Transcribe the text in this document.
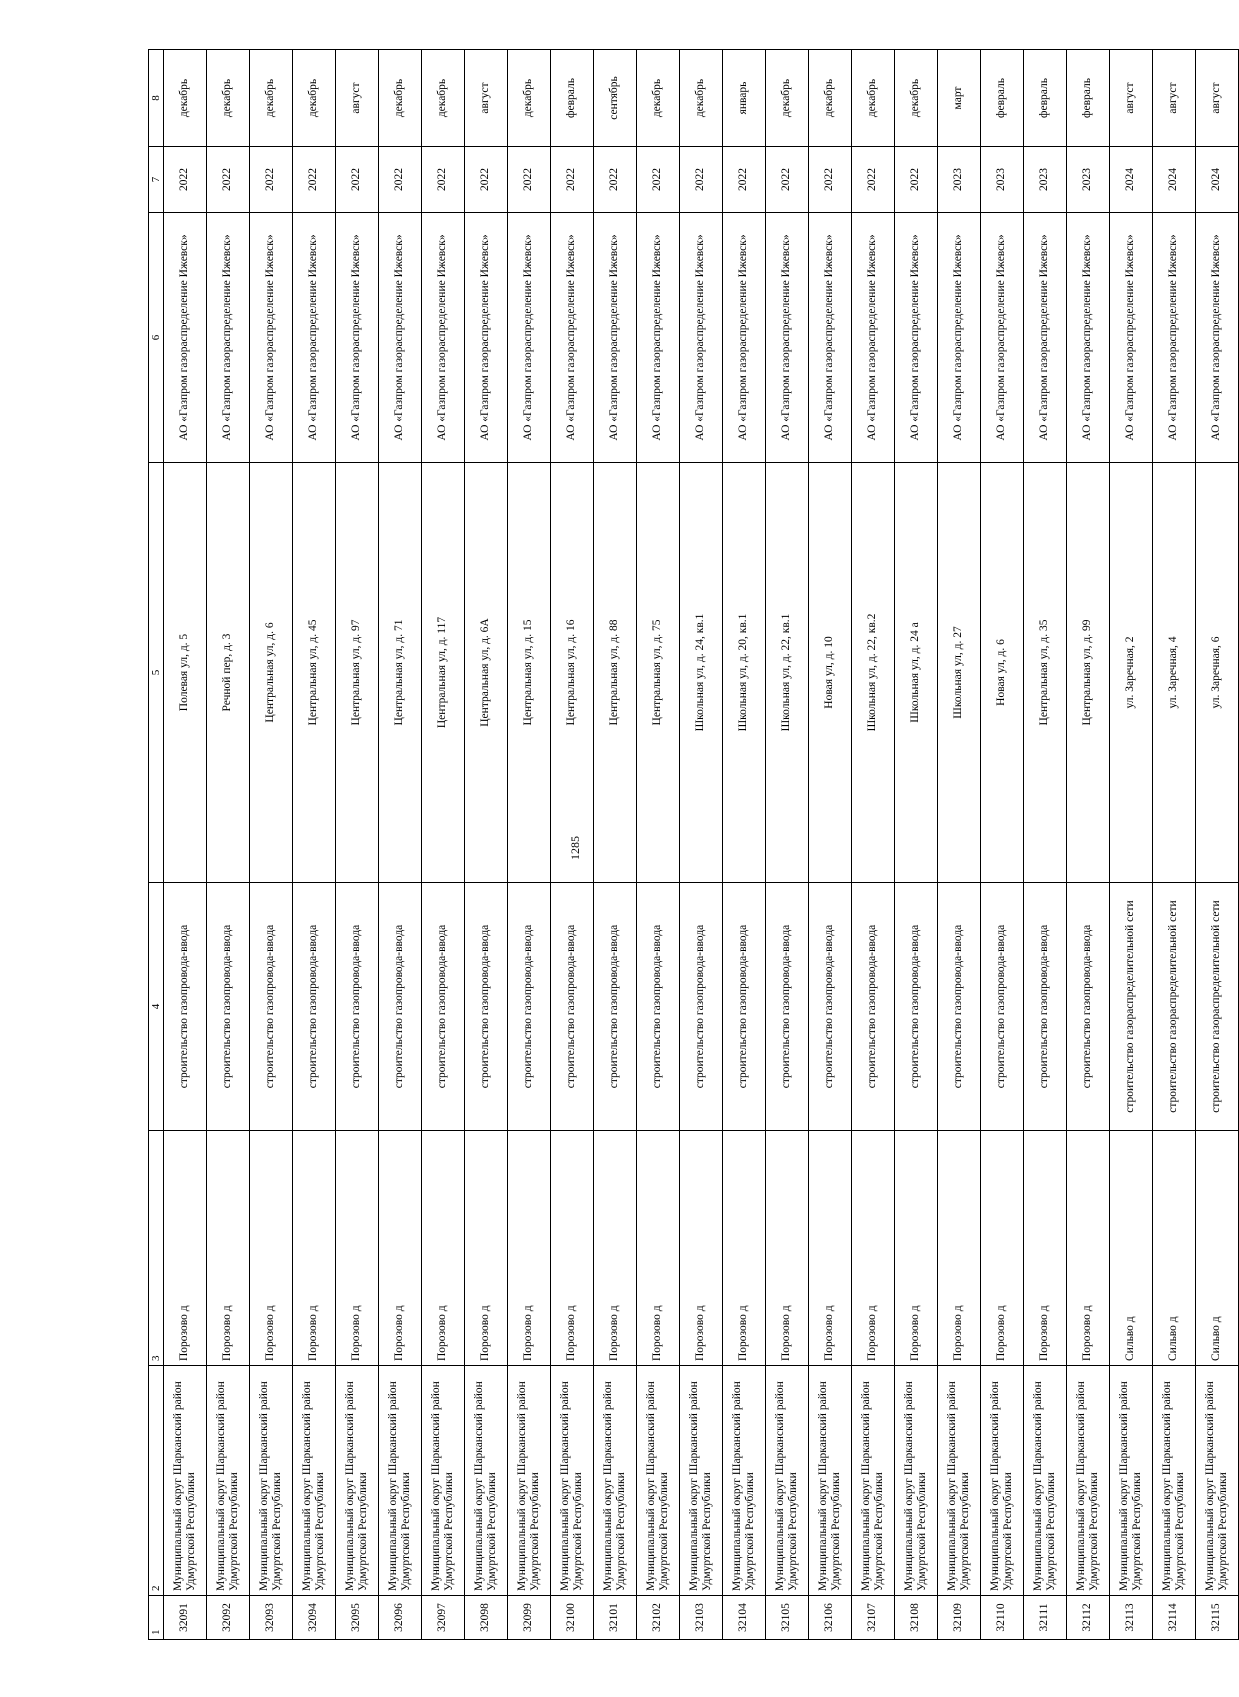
1285
1	2	3	4	5	6	7	8
32091	Муниципальный округ Шарканский район Удмуртской Республики	Порозово д	строительство газопровода-ввода	Полевая ул, д. 5	АО «Газпром газораспределение Ижевск»	2022	декабрь
32092	Муниципальный округ Шарканский район Удмуртской Республики	Порозово д	строительство газопровода-ввода	Речной пер, д. 3	АО «Газпром газораспределение Ижевск»	2022	декабрь
32093	Муниципальный округ Шарканский район Удмуртской Республики	Порозово д	строительство газопровода-ввода	Центральная ул, д. 6	АО «Газпром газораспределение Ижевск»	2022	декабрь
32094	Муниципальный округ Шарканский район Удмуртской Республики	Порозово д	строительство газопровода-ввода	Центральная ул, д. 45	АО «Газпром газораспределение Ижевск»	2022	декабрь
32095	Муниципальный округ Шарканский район Удмуртской Республики	Порозово д	строительство газопровода-ввода	Центральная ул, д. 97	АО «Газпром газораспределение Ижевск»	2022	август
32096	Муниципальный округ Шарканский район Удмуртской Республики	Порозово д	строительство газопровода-ввода	Центральная ул, д. 71	АО «Газпром газораспределение Ижевск»	2022	декабрь
32097	Муниципальный округ Шарканский район Удмуртской Республики	Порозово д	строительство газопровода-ввода	Центральная ул, д. 117	АО «Газпром газораспределение Ижевск»	2022	декабрь
32098	Муниципальный округ Шарканский район Удмуртской Республики	Порозово д	строительство газопровода-ввода	Центральная ул, д. 6А	АО «Газпром газораспределение Ижевск»	2022	август
32099	Муниципальный округ Шарканский район Удмуртской Республики	Порозово д	строительство газопровода-ввода	Центральная ул, д. 15	АО «Газпром газораспределение Ижевск»	2022	декабрь
32100	Муниципальный округ Шарканский район Удмуртской Республики	Порозово д	строительство газопровода-ввода	Центральная ул, д. 16	АО «Газпром газораспределение Ижевск»	2022	февраль
32101	Муниципальный округ Шарканский район Удмуртской Республики	Порозово д	строительство газопровода-ввода	Центральная ул, д. 88	АО «Газпром газораспределение Ижевск»	2022	сентябрь
32102	Муниципальный округ Шарканский район Удмуртской Республики	Порозово д	строительство газопровода-ввода	Центральная ул, д. 75	АО «Газпром газораспределение Ижевск»	2022	декабрь
32103	Муниципальный округ Шарканский район Удмуртской Республики	Порозово д	строительство газопровода-ввода	Школьная ул, д. 24, кв.1	АО «Газпром газораспределение Ижевск»	2022	декабрь
32104	Муниципальный округ Шарканский район Удмуртской Республики	Порозово д	строительство газопровода-ввода	Школьная ул, д. 20, кв.1	АО «Газпром газораспределение Ижевск»	2022	январь
32105	Муниципальный округ Шарканский район Удмуртской Республики	Порозово д	строительство газопровода-ввода	Школьная ул, д. 22, кв.1	АО «Газпром газораспределение Ижевск»	2022	декабрь
32106	Муниципальный округ Шарканский район Удмуртской Республики	Порозово д	строительство газопровода-ввода	Новая ул, д. 10	АО «Газпром газораспределение Ижевск»	2022	декабрь
32107	Муниципальный округ Шарканский район Удмуртской Республики	Порозово д	строительство газопровода-ввода	Школьная ул, д. 22, кв.2	АО «Газпром газораспределение Ижевск»	2022	декабрь
32108	Муниципальный округ Шарканский район Удмуртской Республики	Порозово д	строительство газопровода-ввода	Школьная ул, д. 24 а	АО «Газпром газораспределение Ижевск»	2022	декабрь
32109	Муниципальный округ Шарканский район Удмуртской Республики	Порозово д	строительство газопровода-ввода	Школьная ул, д. 27	АО «Газпром газораспределение Ижевск»	2023	март
32110	Муниципальный округ Шарканский район Удмуртской Республики	Порозово д	строительство газопровода-ввода	Новая ул, д. 6	АО «Газпром газораспределение Ижевск»	2023	февраль
32111	Муниципальный округ Шарканский район Удмуртской Республики	Порозово д	строительство газопровода-ввода	Центральная ул, д. 35	АО «Газпром газораспределение Ижевск»	2023	февраль
32112	Муниципальный округ Шарканский район Удмуртской Республики	Порозово д	строительство газопровода-ввода	Центральная ул, д. 99	АО «Газпром газораспределение Ижевск»	2023	февраль
32113	Муниципальный округ Шарканский район Удмуртской Республики	Сильво д	строительство газораспределительной сети	ул. Заречная, 2	АО «Газпром газораспределение Ижевск»	2024	август
32114	Муниципальный округ Шарканский район Удмуртской Республики	Сильво д	строительство газораспределительной сети	ул. Заречная, 4	АО «Газпром газораспределение Ижевск»	2024	август
32115	Муниципальный округ Шарканский район Удмуртской Республики	Сильво д	строительство газораспределительной сети	ул. Заречная, 6	АО «Газпром газораспределение Ижевск»	2024	август
